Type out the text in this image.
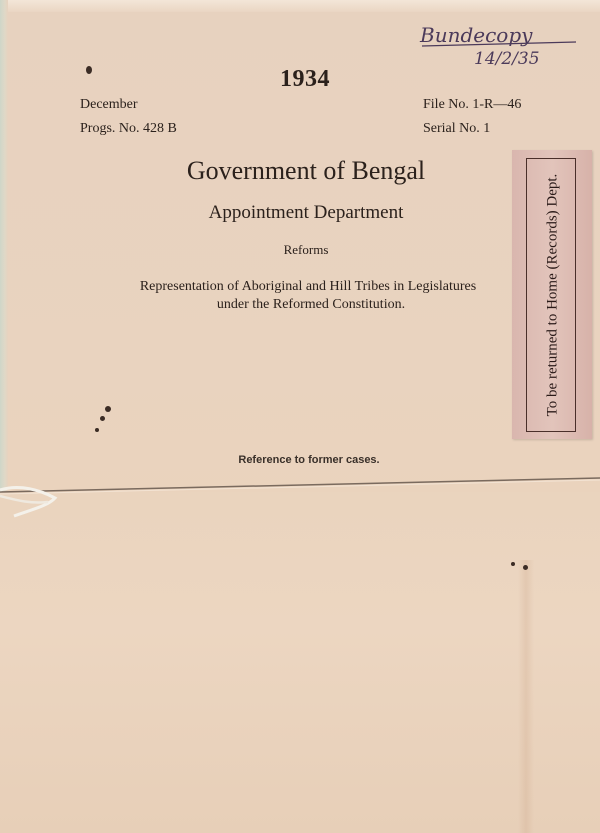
Bundecopy
14/2/35
1934
December
Progs. No. 428 B
File No. 1-R—46
Serial No. 1
Government of Bengal
Appointment Department
Reforms
Representation of Aboriginal and Hill Tribes in Legislatures
under the Reformed Constitution.
Reference to former cases.
To be returned to Home (Records) Dept.
